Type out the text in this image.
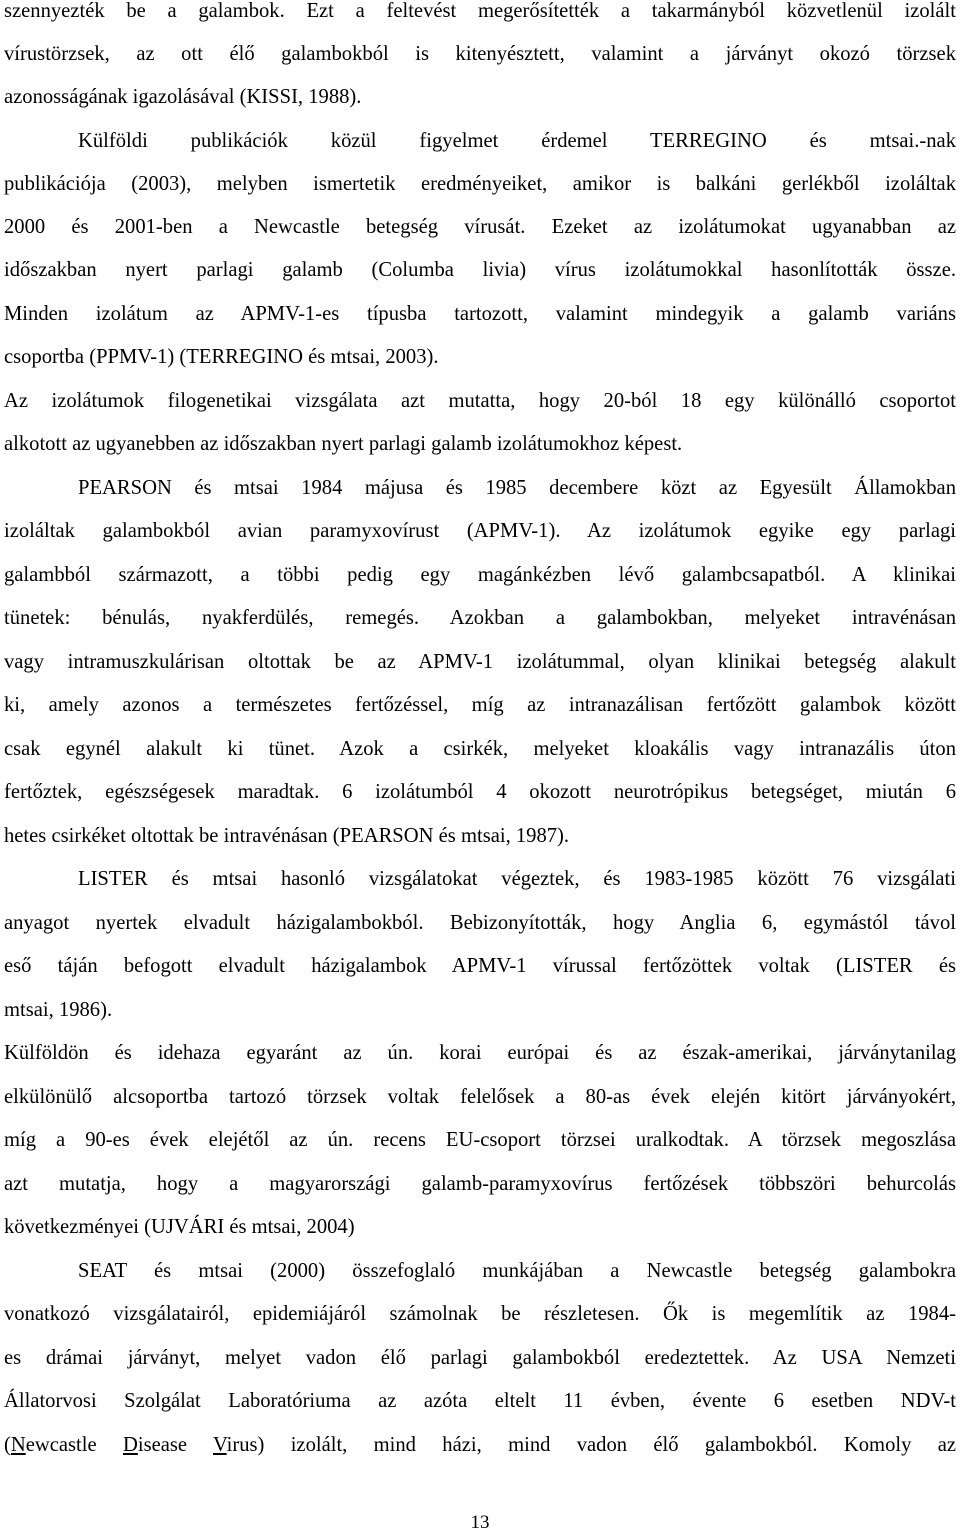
szennyezték be a galambok. Ezt a feltevést megerősítették a takarmányból közvetlenül izolált
vírustörzsek, az ott élő galambokból is kitenyésztett, valamint a járványt okozó törzsek
azonosságának igazolásával (KISSI, 1988).
Külföldi publikációk közül figyelmet érdemel TERREGINO és mtsai.-nak
publikációja (2003), melyben ismertetik eredményeiket, amikor is balkáni gerlékből izoláltak
2000 és 2001-ben a Newcastle betegség vírusát. Ezeket az izolátumokat ugyanabban az
időszakban nyert parlagi galamb (Columba livia) vírus izolátumokkal hasonlították össze.
Minden izolátum az APMV-1-es típusba tartozott, valamint mindegyik a galamb variáns
csoportba (PPMV-1) (TERREGINO és mtsai, 2003).
Az izolátumok filogenetikai vizsgálata azt mutatta, hogy 20-ból 18 egy különálló csoportot
alkotott az ugyanebben az időszakban nyert parlagi galamb izolátumokhoz képest.
PEARSON és mtsai 1984 májusa és 1985 decembere közt az Egyesült Államokban
izoláltak galambokból avian paramyxovírust (APMV-1). Az izolátumok egyike egy parlagi
galambból származott, a többi pedig egy magánkézben lévő galambcsapatból. A klinikai
tünetek: bénulás, nyakferdülés, remegés. Azokban a galambokban, melyeket intravénásan
vagy intramuszkulárisan oltottak be az APMV-1 izolátummal, olyan klinikai betegség alakult
ki, amely azonos a természetes fertőzéssel, míg az intranazálisan fertőzött galambok között
csak egynél alakult ki tünet. Azok a csirkék, melyeket kloakális vagy intranazális úton
fertőztek, egészségesek maradtak. 6 izolátumból 4 okozott neurotrópikus betegséget, miután 6
hetes csirkéket oltottak be intravénásan (PEARSON és mtsai, 1987).
LISTER és mtsai hasonló vizsgálatokat végeztek, és 1983-1985 között 76 vizsgálati
anyagot nyertek elvadult házigalambokból. Bebizonyították, hogy Anglia 6, egymástól távol
eső táján befogott elvadult házigalambok APMV-1 vírussal fertőzöttek voltak (LISTER és
mtsai, 1986).
Külföldön és idehaza egyaránt az ún. korai európai és az észak-amerikai, járványtanilag
elkülönülő alcsoportba tartozó törzsek voltak felelősek a 80-as évek elején kitört járványokért,
míg a 90-es évek elejétől az ún. recens EU-csoport törzsei uralkodtak. A törzsek megoszlása
azt mutatja, hogy a magyarországi galamb-paramyxovírus fertőzések többszöri behurcolás
következményei (UJVÁRI és mtsai, 2004)
SEAT és mtsai (2000) összefoglaló munkájában a Newcastle betegség galambokra
vonatkozó vizsgálatairól, epidemiájáról számolnak be részletesen. Ők is megemlítik az 1984-
es drámai járványt, melyet vadon élő parlagi galambokból eredeztettek. Az USA Nemzeti
Állatorvosi Szolgálat Laboratóriuma az azóta eltelt 11 évben, évente 6 esetben NDV-t
(Newcastle Disease Virus) izolált, mind házi, mind vadon élő galambokból. Komoly az
13
